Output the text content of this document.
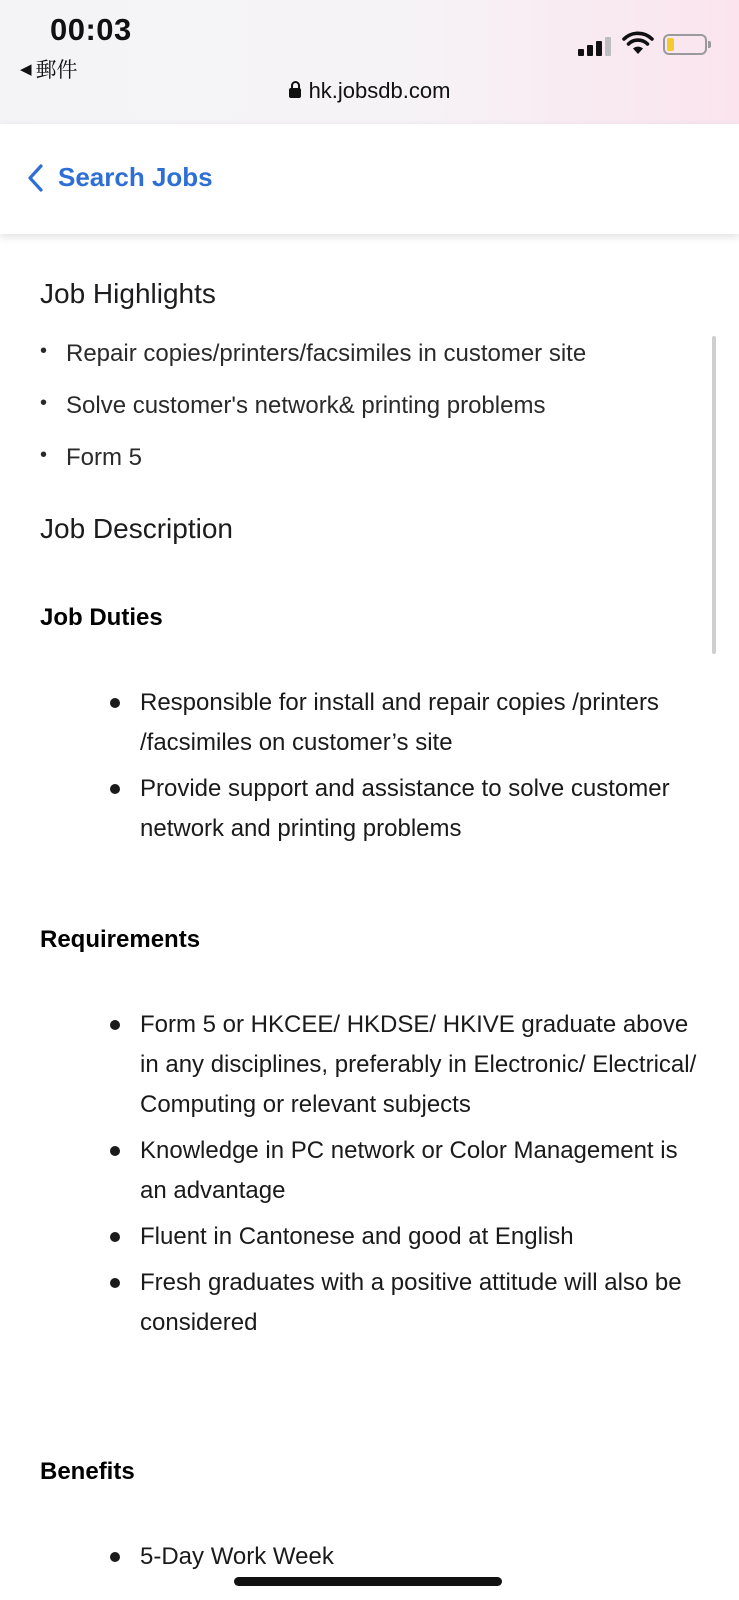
00:03
◀ 郵件
hk.jobsdb.com
Search Jobs
Job Highlights
• Repair copies/printers/facsimiles in customer site
• Solve customer's network& printing problems
• Form 5
Job Description
Job Duties
Responsible for install and repair copies /printers /facsimiles on customer’s site
Provide support and assistance to solve customer network and printing problems
Requirements
Form 5 or HKCEE/ HKDSE/ HKIVE graduate above in any disciplines, preferably in Electronic/ Electrical/ Computing or relevant subjects
Knowledge in PC network or Color Management is an advantage
Fluent in Cantonese and good at English
Fresh graduates with a positive attitude will also be considered
Benefits
5-Day Work Week
